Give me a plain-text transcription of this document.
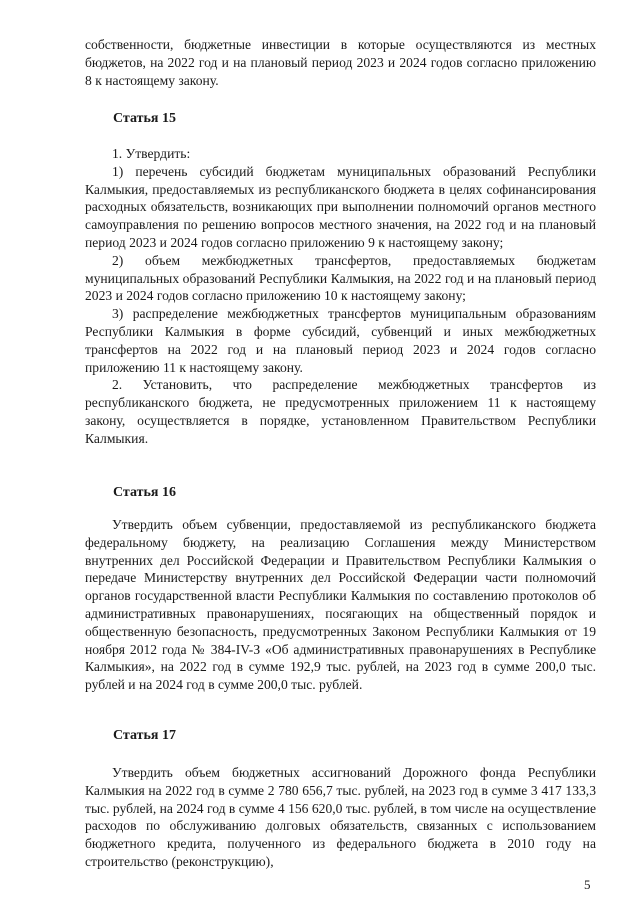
собственности, бюджетные инвестиции в которые осуществляются из местных бюджетов, на 2022 год и на плановый период 2023 и 2024 годов согласно приложению 8 к настоящему закону.

Статья 15

1. Утвердить:

1) перечень субсидий бюджетам муниципальных образований Республики Калмыкия, предоставляемых из республиканского бюджета в целях софинансирования расходных обязательств, возникающих при выполнении полномочий органов местного самоуправления по решению вопросов местного значения, на 2022 год и на плановый период 2023 и 2024 годов согласно приложению 9 к настоящему закону;

2) объем межбюджетных трансфертов, предоставляемых бюджетам муниципальных образований Республики Калмыкия, на 2022 год и на плановый период 2023 и 2024 годов согласно приложению 10 к настоящему закону;

3) распределение межбюджетных трансфертов муниципальным образованиям Республики Калмыкия в форме субсидий, субвенций и иных межбюджетных трансфертов на 2022 год и на плановый период 2023 и 2024 годов согласно приложению 11 к настоящему закону.

2. Установить, что распределение межбюджетных трансфертов из республиканского бюджета, не предусмотренных приложением 11 к настоящему закону, осуществляется в порядке, установленном Правительством Республики Калмыкия.

Статья 16

Утвердить объем субвенции, предоставляемой из республиканского бюджета федеральному бюджету, на реализацию Соглашения между Министерством внутренних дел Российской Федерации и Правительством Республики Калмыкия о передаче Министерству внутренних дел Российской Федерации части полномочий органов государственной власти Республики Калмыкия по составлению протоколов об административных правонарушениях, посягающих на общественный порядок и общественную безопасность, предусмотренных Законом Республики Калмыкия от 19 ноября 2012 года № 384-IV-З «Об административных правонарушениях в Республике Калмыкия», на 2022 год в сумме 192,9 тыс. рублей, на 2023 год в сумме 200,0 тыс. рублей и на 2024 год в сумме 200,0 тыс. рублей.

Статья 17

Утвердить объем бюджетных ассигнований Дорожного фонда Республики Калмыкия на 2022 год в сумме 2 780 656,7 тыс. рублей, на 2023 год в сумме 3 417 133,3 тыс. рублей, на 2024 год в сумме 4 156 620,0 тыс. рублей, в том числе на осуществление расходов по обслуживанию долговых обязательств, связанных с использованием бюджетного кредита, полученного из федерального бюджета в 2010 году на строительство (реконструкцию),

5
